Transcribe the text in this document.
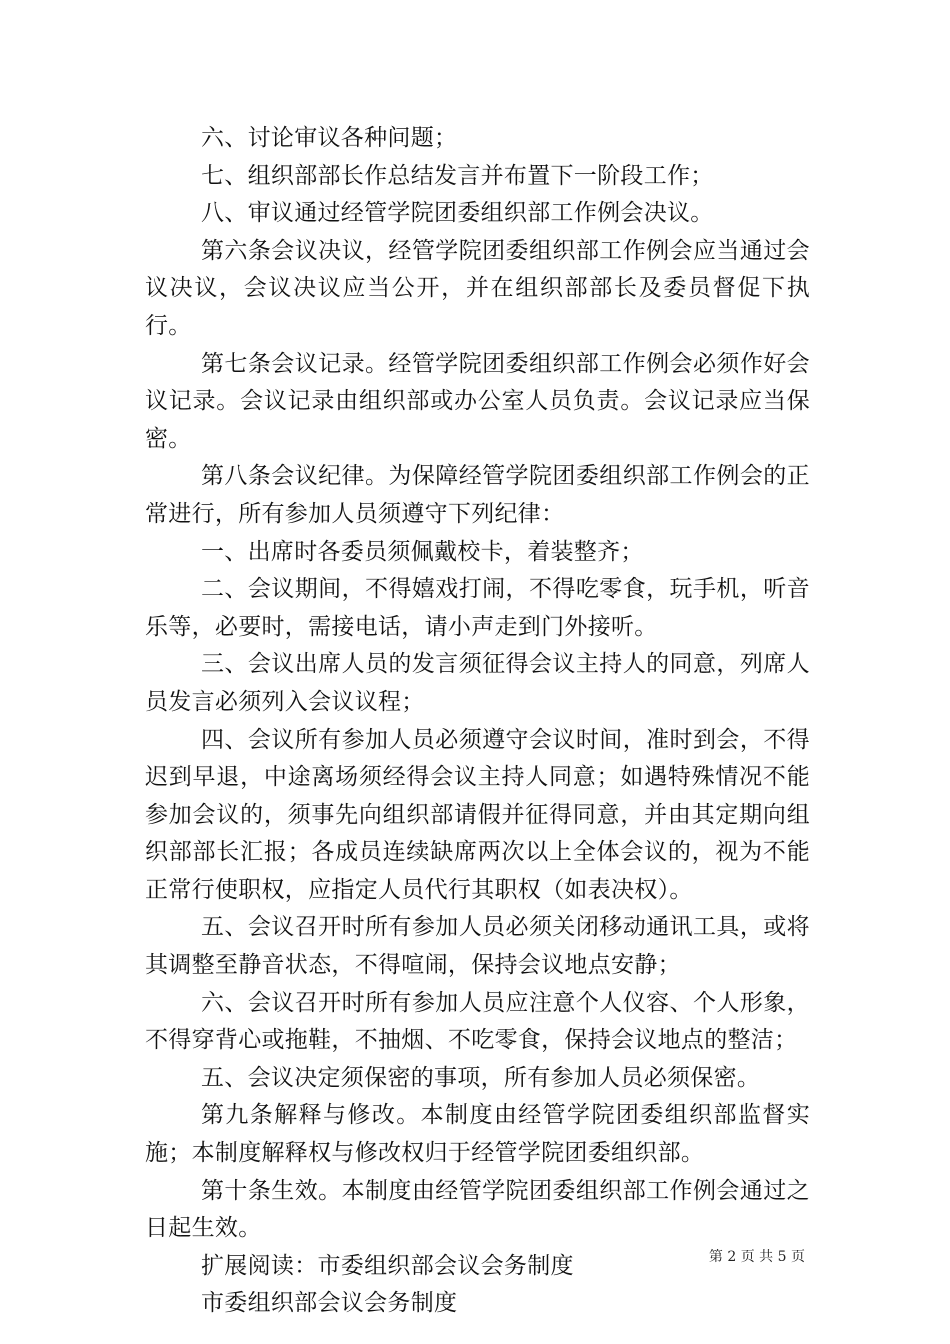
六、讨论审议各种问题；

七、组织部部长作总结发言并布置下一阶段工作；

八、审议通过经管学院团委组织部工作例会决议。

第六条会议决议，经管学院团委组织部工作例会应当通过会议决议，会议决议应当公开，并在组织部部长及委员督促下执行。

第七条会议记录。经管学院团委组织部工作例会必须作好会议记录。会议记录由组织部或办公室人员负责。会议记录应当保密。

第八条会议纪律。为保障经管学院团委组织部工作例会的正常进行，所有参加人员须遵守下列纪律：

一、出席时各委员须佩戴校卡，着装整齐；

二、会议期间，不得嬉戏打闹，不得吃零食，玩手机，听音乐等，必要时，需接电话，请小声走到门外接听。

三、会议出席人员的发言须征得会议主持人的同意，列席人员发言必须列入会议议程；

四、会议所有参加人员必须遵守会议时间，准时到会，不得迟到早退，中途离场须经得会议主持人同意；如遇特殊情况不能参加会议的，须事先向组织部请假并征得同意，并由其定期向组织部部长汇报；各成员连续缺席两次以上全体会议的，视为不能正常行使职权，应指定人员代行其职权（如表决权）。

五、会议召开时所有参加人员必须关闭移动通讯工具，或将其调整至静音状态，不得喧闹，保持会议地点安静；

六、会议召开时所有参加人员应注意个人仪容、个人形象，不得穿背心或拖鞋，不抽烟、不吃零食，保持会议地点的整洁；

五、会议决定须保密的事项，所有参加人员必须保密。

第九条解释与修改。本制度由经管学院团委组织部监督实施；本制度解释权与修改权归于经管学院团委组织部。

第十条生效。本制度由经管学院团委组织部工作例会通过之日起生效。

扩展阅读：市委组织部会议会务制度

市委组织部会议会务制度

第 2 页 共 5 页
